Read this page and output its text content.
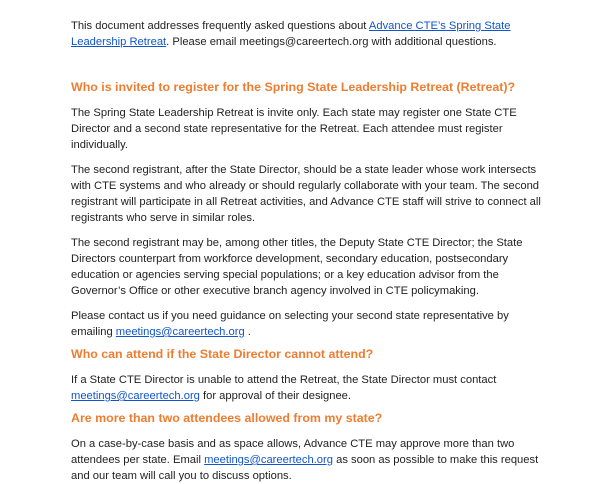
This document addresses frequently asked questions about Advance CTE’s Spring State Leadership Retreat. Please email meetings@careertech.org with additional questions.

Who is invited to register for the Spring State Leadership Retreat (Retreat)?

The Spring State Leadership Retreat is invite only. Each state may register one State CTE Director and a second state representative for the Retreat. Each attendee must register individually.

The second registrant, after the State Director, should be a state leader whose work intersects with CTE systems and who already or should regularly collaborate with your team. The second registrant will participate in all Retreat activities, and Advance CTE staff will strive to connect all registrants who serve in similar roles.

The second registrant may be, among other titles, the Deputy State CTE Director; the State Directors counterpart from workforce development, secondary education, postsecondary education or agencies serving special populations; or a key education advisor from the Governor’s Office or other executive branch agency involved in CTE policymaking.

Please contact us if you need guidance on selecting your second state representative by emailing meetings@careertech.org .

Who can attend if the State Director cannot attend?

If a State CTE Director is unable to attend the Retreat, the State Director must contact meetings@careertech.org for approval of their designee.

Are more than two attendees allowed from my state?

On a case-by-case basis and as space allows, Advance CTE may approve more than two attendees per state. Email meetings@careertech.org as soon as possible to make this request and our team will call you to discuss options.
